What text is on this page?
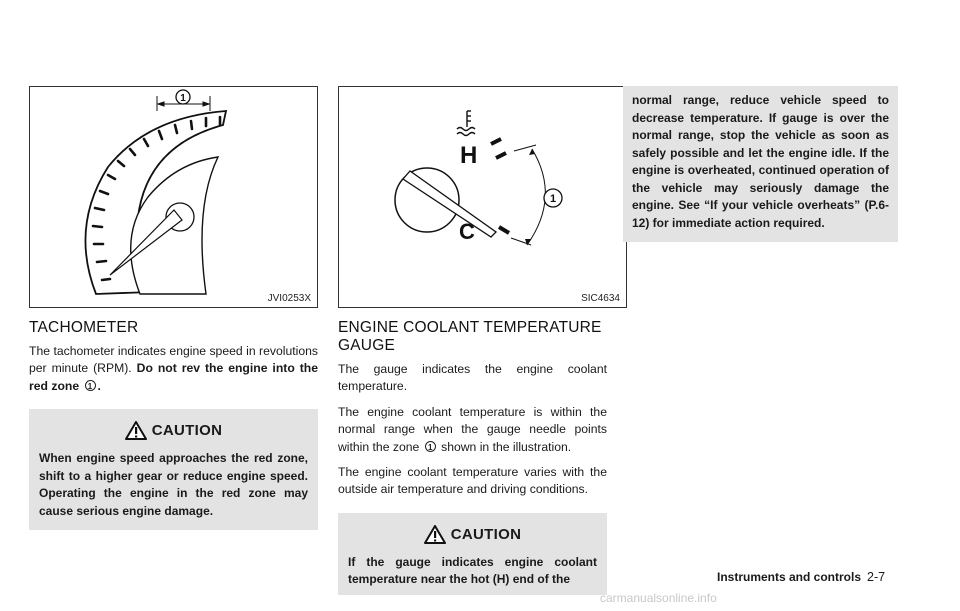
1
JVI0253X
TACHOMETER

The tachometer indicates engine speed in revolutions per minute (RPM). Do not rev the engine into the red zone 1 .

CAUTION
When engine speed approaches the red zone, shift to a higher gear or reduce engine speed. Operating the engine in the red zone may cause serious engine damage.
H
C
1
SIC4634
ENGINE COOLANT TEMPERATURE GAUGE

The gauge indicates the engine coolant temperature.

The engine coolant temperature is within the normal range when the gauge needle points within the zone 1 shown in the illustration.

The engine coolant temperature varies with the outside air temperature and driving conditions.

CAUTION
If the gauge indicates engine coolant temperature near the hot (H) end of the
normal range, reduce vehicle speed to decrease temperature. If gauge is over the normal range, stop the vehicle as soon as safely possible and let the engine idle. If the engine is overheated, continued operation of the vehicle may seriously damage the engine. See “If your vehicle overheats” (P.6-12) for immediate action required.
Instruments and controls 2-7
carmanualsonline.info
